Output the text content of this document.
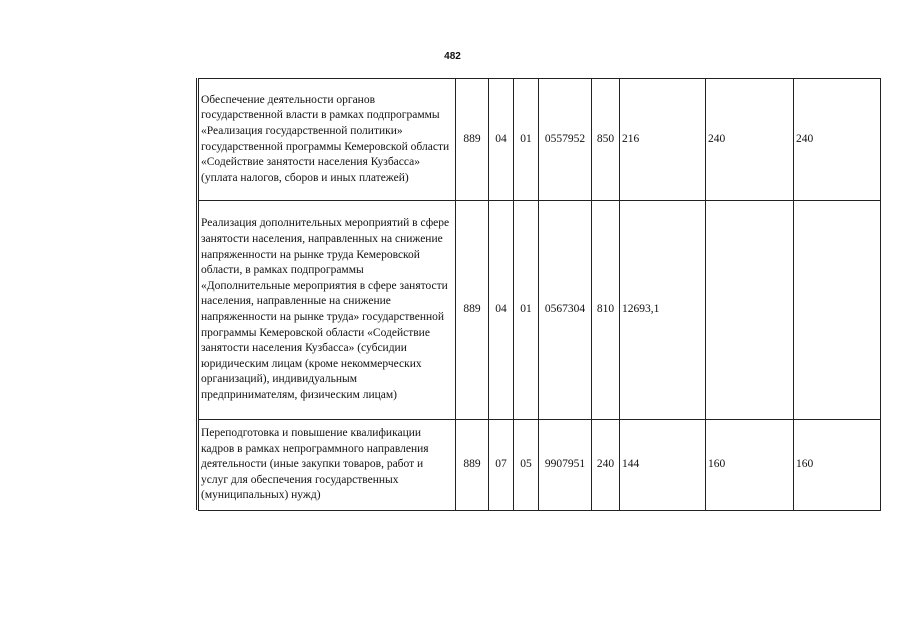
482
Обеспечение деятельности органов государственной власти в рамках подпрограммы «Реализация государственной политики» государственной программы Кемеровской области «Содействие занятости населения Кузбасса» (уплата налогов, сборов и иных платежей)	889	04	01	0557952	850	216	240	240
Реализация дополнительных мероприятий в сфере занятости населения, направленных на снижение напряженности на рынке труда Кемеровской области, в рамках подпрограммы «Дополнительные мероприятия в сфере занятости населения, направленные на снижение напряженности на рынке труда» государственной программы Кемеровской области «Содействие занятости населения Кузбасса» (субсидии юридическим лицам (кроме некоммерческих организаций), индивидуальным предпринимателям, физическим лицам)	889	04	01	0567304	810	12693,1		
Переподготовка и повышение квалификации кадров в рамках непрограммного направления деятельности (иные закупки товаров, работ и услуг для обеспечения государственных (муниципальных) нужд)	889	07	05	9907951	240	144	160	160
